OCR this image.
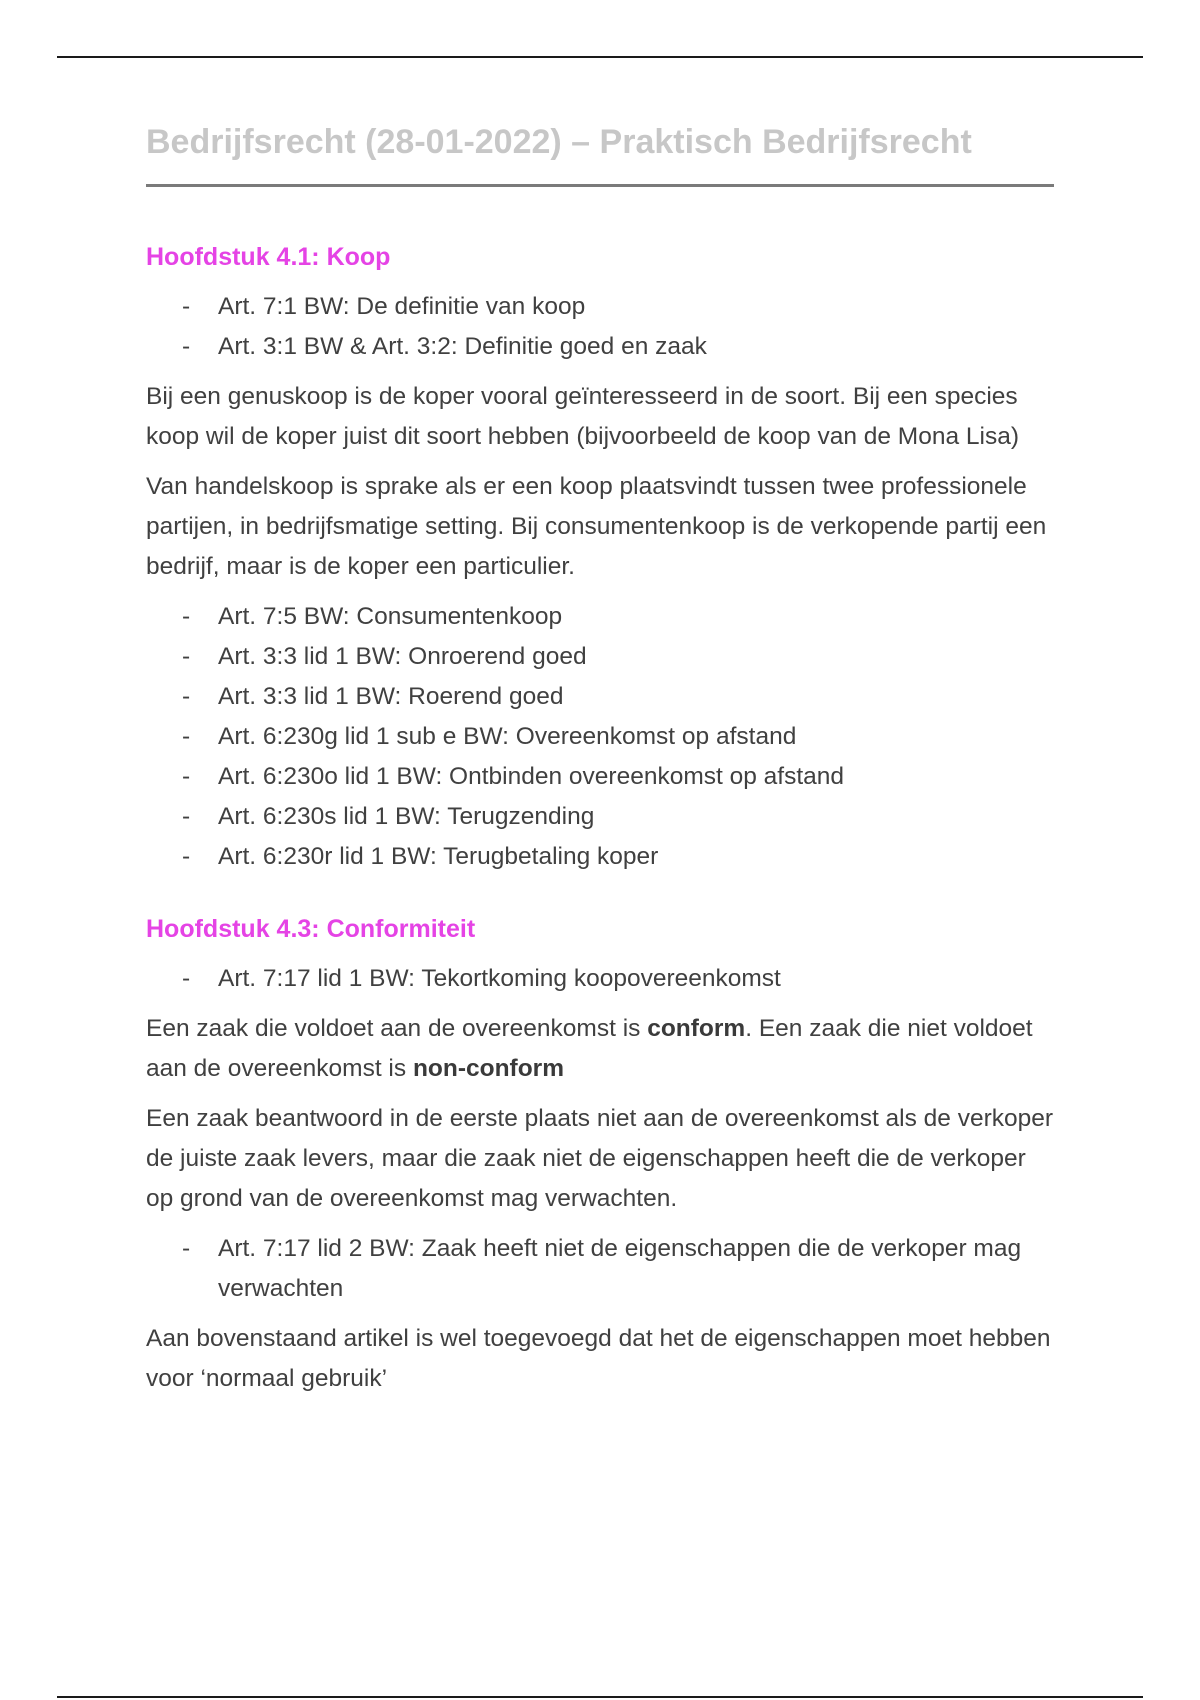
Bedrijfsrecht (28-01-2022) – Praktisch Bedrijfsrecht
Hoofdstuk 4.1: Koop
- Art. 7:1 BW: De definitie van koop
- Art. 3:1 BW & Art. 3:2: Definitie goed en zaak

Bij een genuskoop is de koper vooral geïnteresseerd in de soort. Bij een species koop wil de koper juist dit soort hebben (bijvoorbeeld de koop van de Mona Lisa)

Van handelskoop is sprake als er een koop plaatsvindt tussen twee professionele partijen, in bedrijfsmatige setting. Bij consumentenkoop is de verkopende partij een bedrijf, maar is de koper een particulier.

- Art. 7:5 BW: Consumentenkoop
- Art. 3:3 lid 1 BW: Onroerend goed
- Art. 3:3 lid 1 BW: Roerend goed
- Art. 6:230g lid 1 sub e BW: Overeenkomst op afstand
- Art. 6:230o lid 1 BW: Ontbinden overeenkomst op afstand
- Art. 6:230s lid 1 BW: Terugzending
- Art. 6:230r lid 1 BW: Terugbetaling koper
Hoofdstuk 4.3: Conformiteit
- Art. 7:17 lid 1 BW: Tekortkoming koopovereenkomst

Een zaak die voldoet aan de overeenkomst is conform. Een zaak die niet voldoet aan de overeenkomst is non-conform

Een zaak beantwoord in de eerste plaats niet aan de overeenkomst als de verkoper de juiste zaak levers, maar die zaak niet de eigenschappen heeft die de verkoper op grond van de overeenkomst mag verwachten.

- Art. 7:17 lid 2 BW: Zaak heeft niet de eigenschappen die de verkoper mag verwachten

Aan bovenstaand artikel is wel toegevoegd dat het de eigenschappen moet hebben voor ‘normaal gebruik’
